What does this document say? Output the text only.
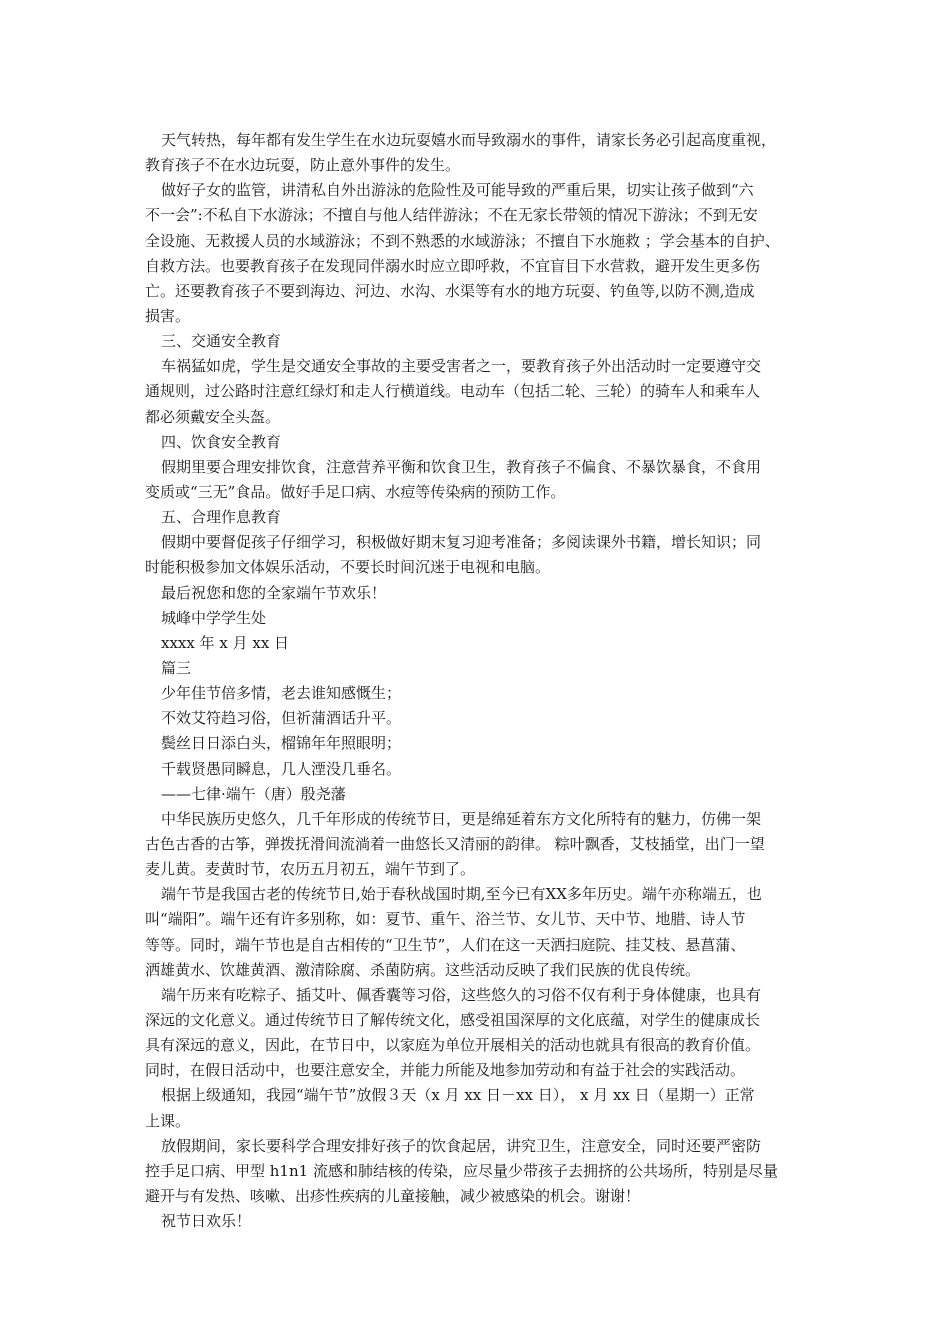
天气转热，每年都有发生学生在水边玩耍嬉水而导致溺水的事件，请家长务必引起高度重视，
教育孩子不在水边玩耍，防止意外事件的发生。
做好子女的监管，讲清私自外出游泳的危险性及可能导致的严重后果，切实让孩子做到“六
不一会”:不私自下水游泳；不擅自与他人结伴游泳；不在无家长带领的情况下游泳；不到无安
全设施、无救援人员的水域游泳；不到不熟悉的水域游泳；不擅自下水施救 ；学会基本的自护、
自救方法。也要教育孩子在发现同伴溺水时应立即呼救，不宜盲目下水营救，避开发生更多伤
亡。还要教育孩子不要到海边、河边、水沟、水渠等有水的地方玩耍、钓鱼等,以防不测,造成
损害。
三、交通安全教育
车祸猛如虎，学生是交通安全事故的主要受害者之一，要教育孩子外出活动时一定要遵守交
通规则，过公路时注意红绿灯和走人行横道线。电动车（包括二轮、三轮）的骑车人和乘车人
都必须戴安全头盔。
四、饮食安全教育
假期里要合理安排饮食，注意营养平衡和饮食卫生，教育孩子不偏食、不暴饮暴食，不食用
变质或“三无”食品。做好手足口病、水痘等传染病的预防工作。
五、合理作息教育
假期中要督促孩子仔细学习，积极做好期末复习迎考准备；多阅读课外书籍，增长知识；同
时能积极参加文体娱乐活动，不要长时间沉迷于电视和电脑。
最后祝您和您的全家端午节欢乐！
城峰中学学生处
xxxx 年 x 月 xx 日
篇三
少年佳节倍多情，老去谁知感慨生；
不效艾符趋习俗，但祈蒲酒话升平。
鬓丝日日添白头，榴锦年年照眼明；
千载贤愚同瞬息，几人湮没几垂名。
——七律·端午（唐）殷尧藩
中华民族历史悠久，几千年形成的传统节日，更是绵延着东方文化所特有的魅力，仿佛一架
古色古香的古筝，弹拨抚滑间流淌着一曲悠长又清丽的韵律。 粽叶飘香，艾枝插堂，出门一望
麦儿黄。麦黄时节，农历五月初五，端午节到了。
端午节是我国古老的传统节日,始于春秋战国时期,至今已有XX多年历史。端午亦称端五，也
叫“端阳”。端午还有许多别称，如：夏节、重午、浴兰节、女儿节、天中节、地腊、诗人节
等等。同时，端午节也是自古相传的“卫生节”，人们在这一天洒扫庭院、挂艾枝、悬菖蒲、
洒雄黄水、饮雄黄酒、激清除腐、杀菌防病。这些活动反映了我们民族的优良传统。
端午历来有吃粽子、插艾叶、佩香囊等习俗，这些悠久的习俗不仅有利于身体健康，也具有
深远的文化意义。通过传统节日了解传统文化，感受祖国深厚的文化底蕴，对学生的健康成长
具有深远的意义，因此，在节日中，以家庭为单位开展相关的活动也就具有很高的教育价值。
同时，在假日活动中，也要注意安全，并能力所能及地参加劳动和有益于社会的实践活动。
根据上级通知，我园“端午节”放假３天（x 月 xx 日－xx 日）， x 月 xx 日（星期一）正常
上课。
放假期间，家长要科学合理安排好孩子的饮食起居，讲究卫生，注意安全，同时还要严密防
控手足口病、甲型 h1n1 流感和肺结核的传染，应尽量少带孩子去拥挤的公共场所，特别是尽量
避开与有发热、咳嗽、出疹性疾病的儿童接触，减少被感染的机会。谢谢！
祝节日欢乐！
